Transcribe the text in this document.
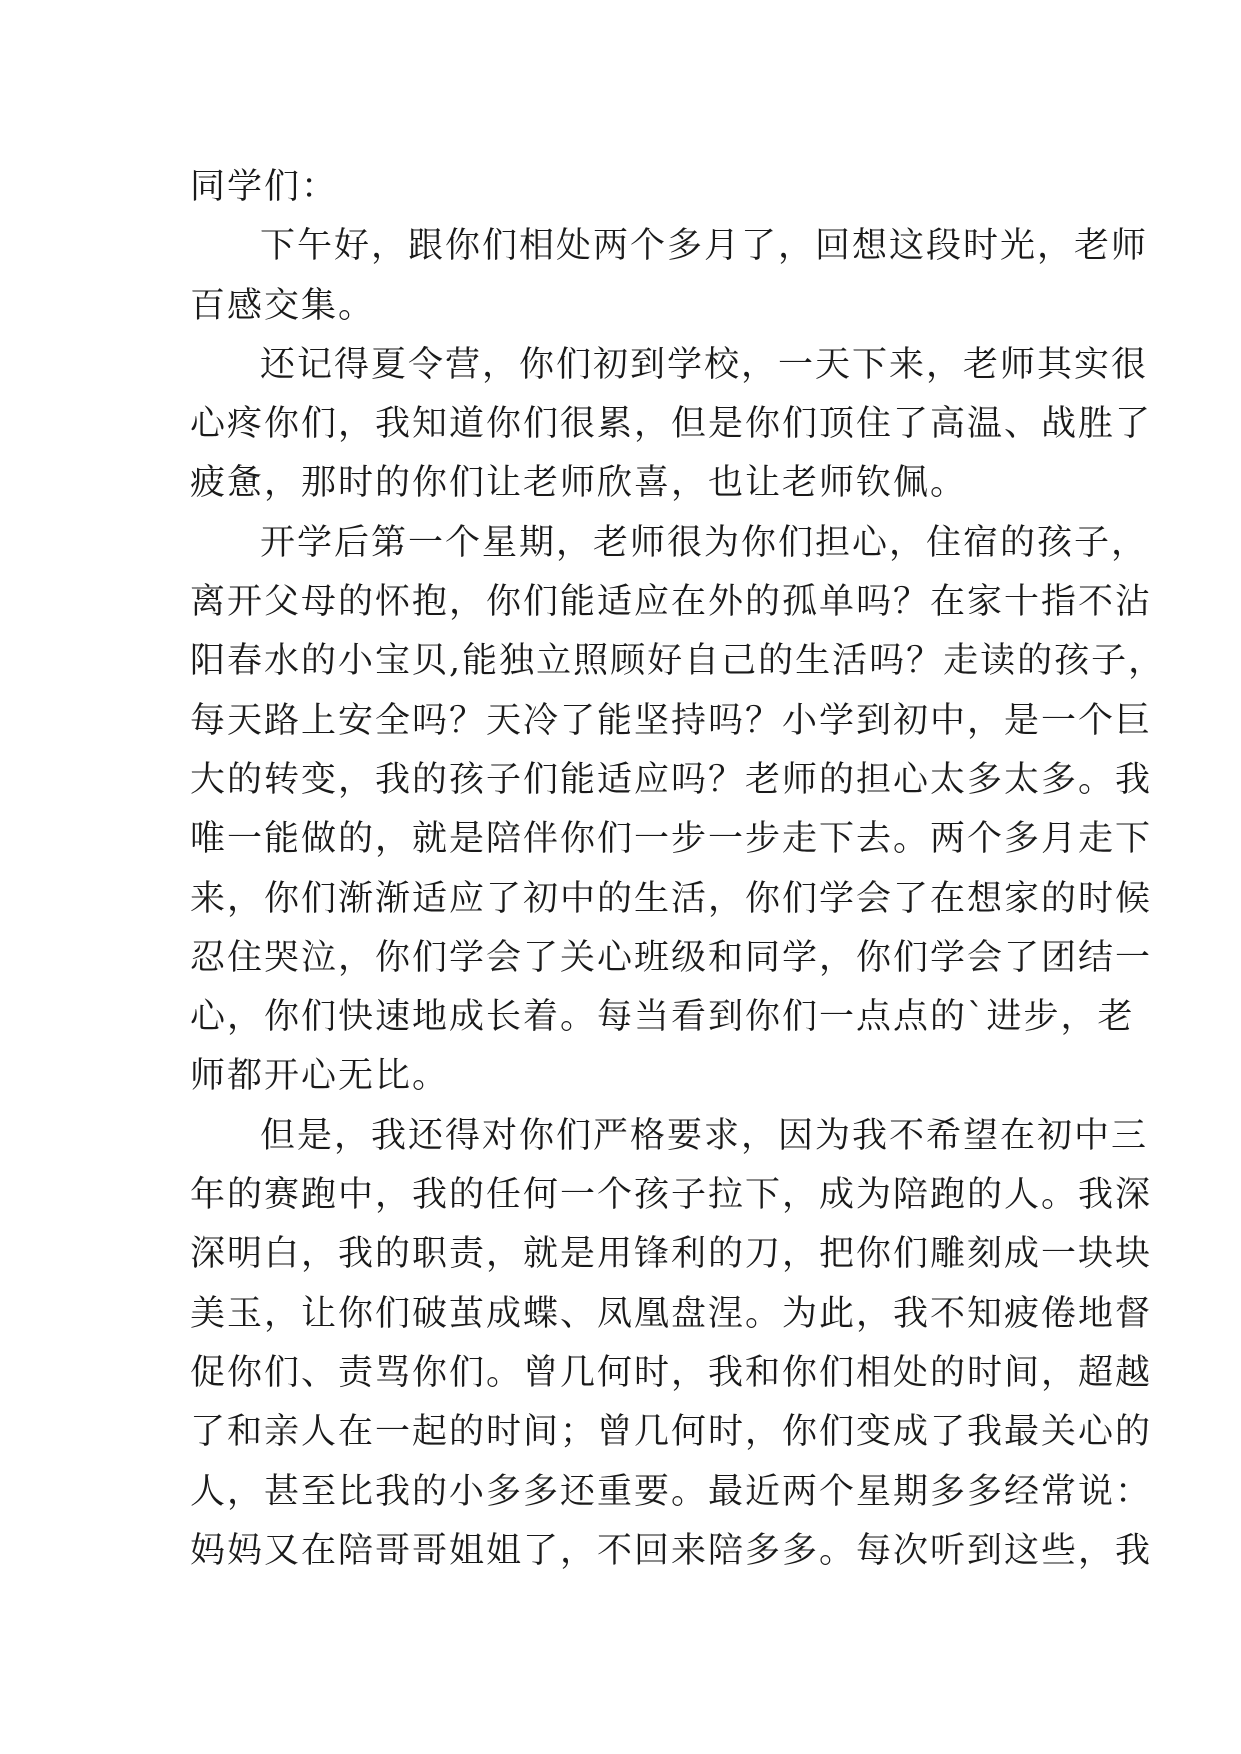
同学们：
下午好，跟你们相处两个多月了，回想这段时光，老师
百感交集。
还记得夏令营，你们初到学校，一天下来，老师其实很
心疼你们，我知道你们很累，但是你们顶住了高温、战胜了
疲惫，那时的你们让老师欣喜，也让老师钦佩。
开学后第一个星期，老师很为你们担心，住宿的孩子，
离开父母的怀抱，你们能适应在外的孤单吗？在家十指不沾
阳春水的小宝贝,能独立照顾好自己的生活吗？走读的孩子，
每天路上安全吗？天冷了能坚持吗？小学到初中，是一个巨
大的转变，我的孩子们能适应吗？老师的担心太多太多。我
唯一能做的，就是陪伴你们一步一步走下去。两个多月走下
来，你们渐渐适应了初中的生活，你们学会了在想家的时候
忍住哭泣，你们学会了关心班级和同学，你们学会了团结一
心，你们快速地成长着。每当看到你们一点点的`进步，老
师都开心无比。
但是，我还得对你们严格要求，因为我不希望在初中三
年的赛跑中，我的任何一个孩子拉下，成为陪跑的人。我深
深明白，我的职责，就是用锋利的刀，把你们雕刻成一块块
美玉，让你们破茧成蝶、凤凰盘涅。为此，我不知疲倦地督
促你们、责骂你们。曾几何时，我和你们相处的时间，超越
了和亲人在一起的时间；曾几何时，你们变成了我最关心的
人，甚至比我的小多多还重要。最近两个星期多多经常说：
妈妈又在陪哥哥姐姐了，不回来陪多多。每次听到这些，我
